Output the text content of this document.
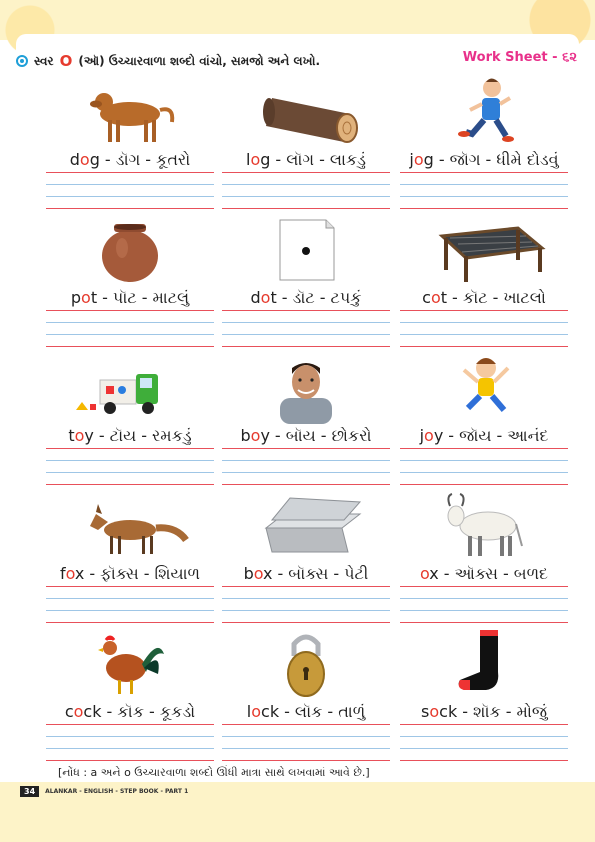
સ્વર O (ઑ) ઉચ્ચારવાળા શબ્દો વાંચો, સમજો અને લખો.	Work Sheet - ૬૨
dog - ડૉગ - કૂતરો	log - લૉગ - લાકડું	jog - જૉગ - ધીમે દોડવું
pot - પૉટ - માટલું	dot - ડૉટ - ટપકું	cot - કૉટ - ખાટલો
toy - ટૉય - રમકડું	boy - બૉય - છોકરો	joy - જૉય - આનંદ
fox - ફૉક્સ - શિયાળ	box - બૉક્સ - પેટી	ox - ઑક્સ - બળદ
cock - કૉક - કૂકડો	lock - લૉક - તાળું	sock - શૉક - મોજું
[નોંધ : a અને o ઉચ્ચારવાળા શબ્દો ઊંધી માત્રા સાથે લખવામાં આવે છે.]
34	ALANKAR - ENGLISH - STEP BOOK - PART 1
